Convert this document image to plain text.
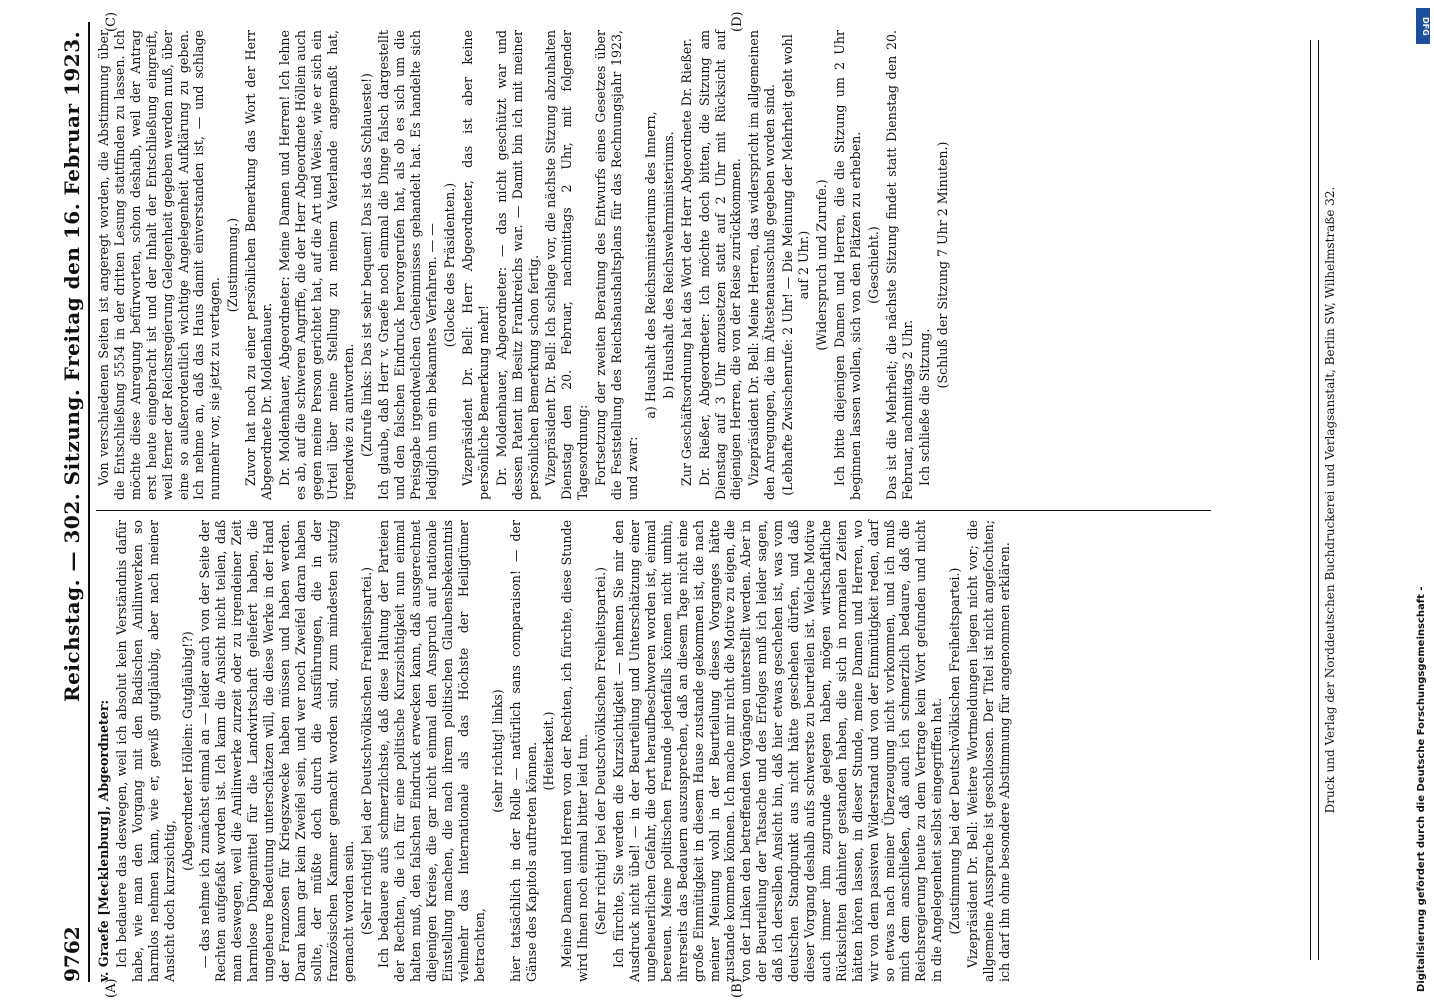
9762
Reichstag. — 302. Sitzung. Freitag den 16. Februar 1923.
(A)	(B)
(C)	(D)

v. Graefe [Mecklenburg], Abgeordneter: Ich bedauere das deswegen, weil ich absolut kein Verständnis dafür habe, wie man den Vorgang mit den Badischen Anilinwerken so harmlos nehmen kann, wie er, gewiß gutgläubig, aber nach meiner Ansicht doch kurzsichtig,

(Abgeordneter Höllein: Gutgläubig!?) — das nehme ich zunächst einmal an — leider auch von der Seite der Rechten aufgefaßt worden ist. Ich kann die Ansicht nicht teilen, daß man deswegen, weil die Anilinwerke zurzeit oder zu irgendeiner Zeit harmlose Düngemittel für die Landwirtschaft geliefert haben, die ungeheure Bedeutung unterschätzen will, die diese Werke in der Hand der Franzosen für Kriegszwecke haben müssen und haben werden. Daran kann gar kein Zweifel sein, und wer noch Zweifel daran haben sollte, der müßte doch durch die Ausführungen, die in der französischen Kammer gemacht worden sind, zum mindesten stutzig gemacht worden sein. (Sehr richtig! bei der Deutschvölkischen Freiheitspartei.) Ich bedauere aufs schmerzlichste, daß diese Haltung der Parteien der Rechten, die ich für eine politische Kurzsichtigkeit nun einmal halten muß, den falschen Eindruck erwecken kann, daß ausgerechnet diejenigen Kreise, die gar nicht einmal den Anspruch auf nationale Einstellung machen, die nach ihrem politischen Glaubensbekenntnis vielmehr das Internationale als das Höchste der Heiligtümer betrachten,

(sehr richtig! links) hier tatsächlich in der Rolle — natürlich sans comparaison! — der Gänse des Kapitols auftreten können. (Heiterkeit.) Meine Damen und Herren von der Rechten, ich fürchte, diese Stunde wird Ihnen noch einmal bitter leid tun. (Sehr richtig! bei der Deutschvölkischen Freiheitspartei.) Ich fürchte, Sie werden die Kurzsichtigkeit — nehmen Sie mir den Ausdruck nicht übel! — in der Beurteilung und Unterschätzung einer ungeheuerlichen Gefahr, die dort heraufbeschworen worden ist, einmal bereuen. Meine politischen Freunde jedenfalls können nicht umhin, ihrerseits das Bedauern auszusprechen, daß an diesem Tage nicht eine große Einmütigkeit in diesem Hause zustande gekommen ist, die nach meiner Meinung wohl in der Beurteilung dieses Vorganges hätte zustande kommen können. Ich mache mir nicht die Motive zu eigen, die von der Linken den betreffenden Vorgängen unterstellt werden. Aber in der Beurteilung der Tatsache und des Erfolges muß ich leider sagen, daß ich derselben Ansicht bin, daß hier etwas geschehen ist, was vom deutschen Standpunkt aus nicht hätte geschehen dürfen, und daß dieser Vorgang deshalb aufs schwerste zu beurteilen ist. Welche Motive auch immer ihm zugrunde gelegen haben, mögen wirtschaftliche Rücksichten dahinter gestanden haben, die sich in normalen Zeiten hätten hören lassen, in dieser Stunde, meine Damen und Herren, wo wir von dem passiven Widerstand und von der Einmütigkeit reden, darf so etwas nach meiner Überzeugung nicht vorkommen, und ich muß mich dem anschließen, daß auch ich schmerzlich bedaure, daß die Reichsregierung heute zu dem Vertrage kein Wort gefunden und nicht in die Angelegenheit selbst eingegriffen hat. (Zustimmung bei der Deutschvölkischen Freiheitspartei.) Vizepräsident Dr. Bell: Weitere Wortmeldungen liegen nicht vor; die allgemeine Aussprache ist geschlossen. Der Titel ist nicht angefochten; ich darf ihn ohne besondere Abstimmung für angenommen erklären.

Von verschiedenen Seiten ist angeregt worden, die Abstimmung über die Entschließung 5554 in der dritten Lesung stattfinden zu lassen. Ich möchte diese Anregung befürworten, schon deshalb, weil der Antrag erst heute eingebracht ist und der Inhalt der Entschließung eingreift, weil ferner der Reichsregierung Gelegenheit gegeben werden muß, über eine so außerordentlich wichtige Angelegenheit Aufklärung zu geben. Ich nehme an, daß das Haus damit einverstanden ist, — und schlage nunmehr vor, sie jetzt zu vertagen.

(Zustimmung.) Zuvor hat noch zu einer persönlichen Bemerkung das Wort der Herr Abgeordnete Dr. Moldenhauer. Dr. Moldenhauer, Abgeordneter: Meine Damen und Herren! Ich lehne es ab, auf die schweren Angriffe, die der Herr Abgeordnete Höllein auch gegen meine Person gerichtet hat, auf die Art und Weise, wie er sich ein Urteil über meine Stellung zu meinem Vaterlande angemaßt hat, irgendwie zu antworten. (Zurufe links: Das ist sehr bequem! Das ist das Schlaueste!) Ich glaube, daß Herr v. Graefe noch einmal die Dinge falsch dargestellt und den falschen Eindruck hervorgerufen hat, als ob es sich um die Preisgabe irgendwelchen Geheimnisses gehandelt hat. Es handelte sich lediglich um ein bekanntes Verfahren. — — (Glocke des Präsidenten.) Vizepräsident Dr. Bell: Herr Abgeordneter, das ist aber keine persönliche Bemerkung mehr! Dr. Moldenhauer, Abgeordneter: — das nicht geschützt war und dessen Patent im Besitz Frankreichs war. — Damit bin ich mit meiner persönlichen Bemerkung schon fertig. Vizepräsident Dr. Bell: Ich schlage vor, die nächste Sitzung abzuhalten Dienstag den 20. Februar, nachmittags 2 Uhr, mit folgender Tagesordnung: Fortsetzung der zweiten Beratung des Entwurfs eines Gesetzes über die Feststellung des Reichshaushaltsplans für das Rechnungsjahr 1923, und zwar:

a) Haushalt des Reichsministeriums des Innern, b) Haushalt des Reichswehrministeriums. Zur Geschäftsordnung hat das Wort der Herr Abgeordnete Dr. Rießer. Dr. Rießer, Abgeordneter: Ich möchte doch bitten, die Sitzung am Dienstag auf 3 Uhr anzusetzen statt auf 2 Uhr mit Rücksicht auf diejenigen Herren, die von der Reise zurückkommen. Vizepräsident Dr. Bell: Meine Herren, das widerspricht im allgemeinen den Anregungen, die im Ältestenausschuß gegeben worden sind. (Lebhafte Zwischenrufe: 2 Uhr! — Die Meinung der Mehrheit geht wohl auf 2 Uhr.) (Widerspruch und Zurufe.) Ich bitte diejenigen Damen und Herren, die die Sitzung um 2 Uhr beginnen lassen wollen, sich von den Plätzen zu erheben. (Geschieht.) Das ist die Mehrheit; die nächste Sitzung findet statt Dienstag den 20. Februar, nachmittags 2 Uhr. Ich schließe die Sitzung.

(Schluß der Sitzung 7 Uhr 2 Minuten.)	Druck und Verlag der Norddeutschen Buchdruckerei und Verlagsanstalt, Berlin SW, Wilhelmstraße 32.
DFG
Digitalisierung gefördert durch die Deutsche Forschungsgemeinschaft -
